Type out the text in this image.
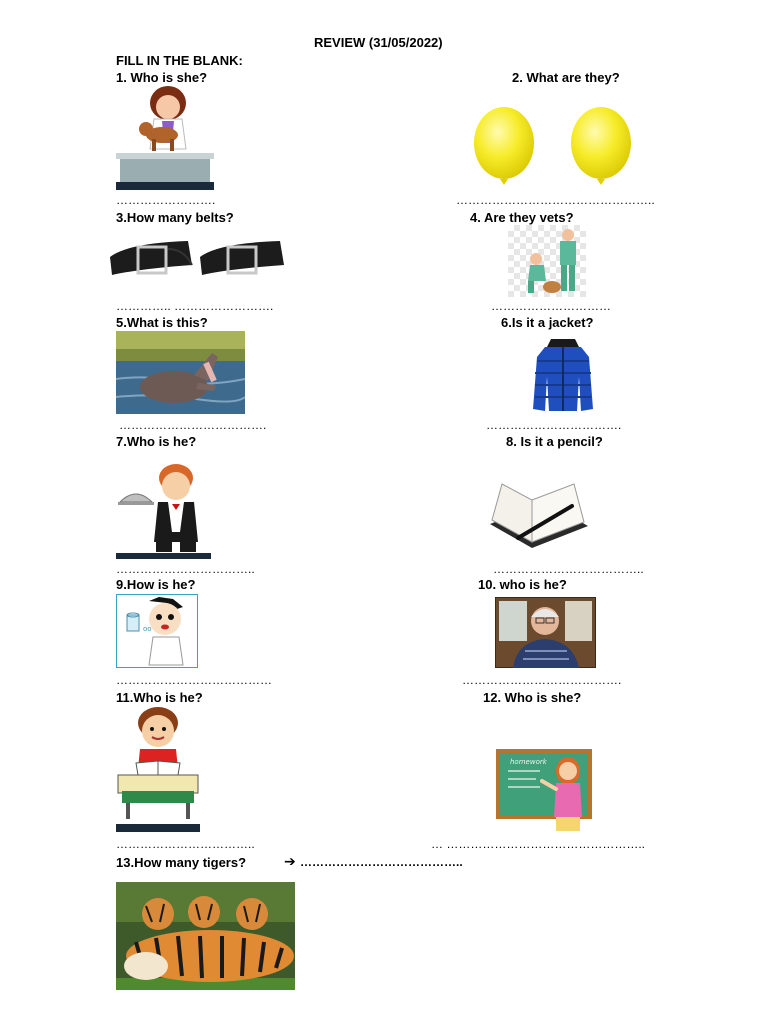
REVIEW (31/05/2022)
FILL IN THE BLANK:
1. Who is she?
…………………….
2. What are they?
…………………………………………..
3.How many belts?
………….. …………………….
4. Are they vets?
…………………………
5.What is this?
……………………………….
6.Is it a jacket?
…………………………….
7.Who is he?
……………………………..
8. Is it a pencil?
………………………………..
9.How is he?
oo
…………………………………
10. who is he?
………………………………….
11.Who is he?
……………………………..
12. Who is she?
homework
… …………………………………………..
13.How many tigers?	➔ …………………………………..
